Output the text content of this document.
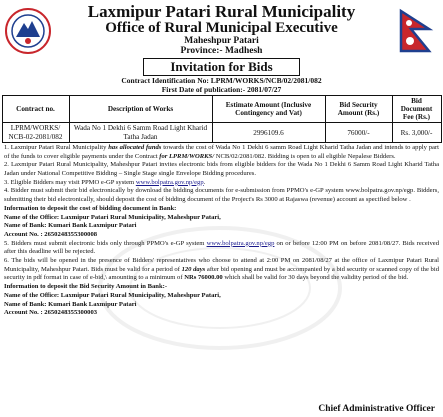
Laxmipur Patari Rural Municipality
Office of Rural Municipal Executive
Maheshpur Patari
Province:- Madhesh
Invitation for Bids
Contract Identification No: LPRM/WORKS/NCB/02/2081/082
First Date of publication:- 2081/07/27
Contract no.	Description of Works	Estimate Amount (Inclusive Contingency and Vat)	Bid Security Amount (Rs.)	Bid Document Fee (Rs.)
LPRM/WORKS/ NCB-02-2081/082	Wada No 1 Dekhi 6 Samm Road Light Kharid Tatha Jadan	2996109.6	76000/-	Rs. 3,000/-

1. Laxmipur Patari Rural Municipality has allocated funds towards the cost of Wada No 1 Dekhi 6 samm Road Light Kharid Tatha Jadan and intends to apply part of the funds to cover eligible payments under the Contract for LPRM/WORKS/ NCB/02/2081/082. Bidding is open to all eligible Nepalese Bidders.

2. Laxmipur Patari Rural Municipality, Maheshpur Patari invites electronic bids from eligible bidders for the Wada No 1 Dekhi 6 Samm Road Light Kharid Tatha Jadan under National Competitive Bidding – Single Stage single Envelope Bidding procedures.

3. Eligible Bidders may visit PPMO e-GP system www.bolpatra.gov.np/egp.

4. Bidder must submit their bid electronically by download the bidding documents for e-submission from PPMO's e-GP system www.bolpatra.gov.np/egp. Bidders, submitting their bid electronically, should deposit the cost of bidding document of the Project's Rs 3000 at Rajaswa (revenue) account as specified below .

Information to deposit the cost of bidding document in Bank:

Name of the Office: Laxmipur Patari Rural Municipality, Maheshpur Patari,

Name of Bank: Kumari Bank Laxmipur Patari

Account No. : 2650248355300008

5. Bidders must submit electronic bids only through PPMO's e-GP system www.bolpatra.gov.np/egp on or before 12:00 PM on before 2081/08/27. Bids received after this deadline will be rejected.

6. The bids will be opened in the presence of Bidders' representatives who choose to attend at 2:00 PM on 2081/08/27 at the office of Laxmipur Patari Rural Municipality, Maheshpur Patari. Bids must be valid for a period of 120 days after bid opening and must be accompanied by a bid security or scanned copy of the bid security in pdf format in case of e-bid,\ amounting to a minimum of NRs 76000.00 which shall be valid for 30 days beyond the validity period of the bid.

Information to deposit the Bid Security Amount in Bank:-

Name of the Office: Laxmipur Patari Rural Municipality, Maheshpur Patari,

Name of Bank: Kumari Bank Laxmipur Patari

Account No. : 2650248355300003

Chief Administrative Officer
